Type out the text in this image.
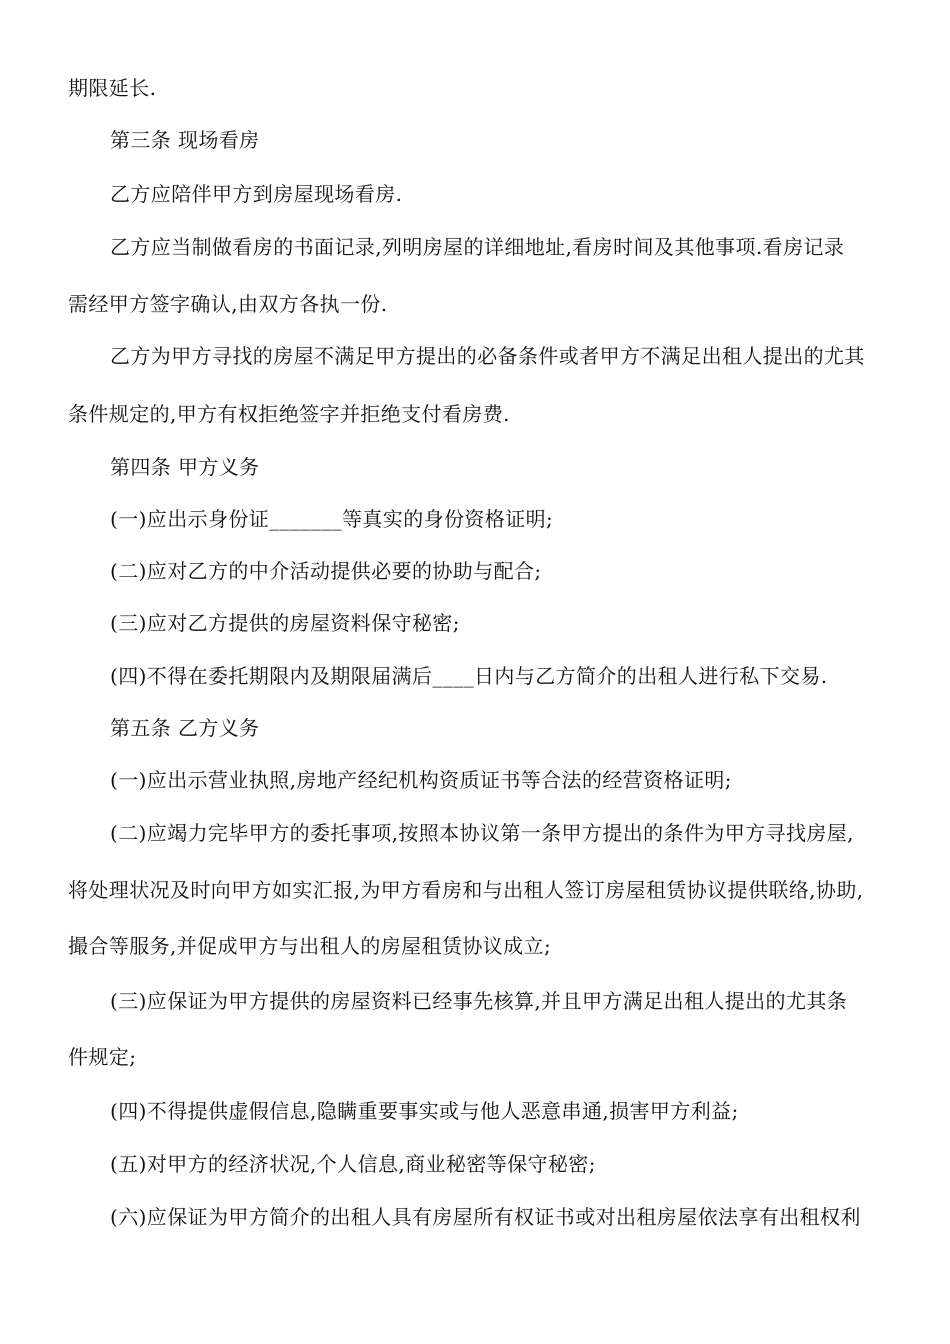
期限延长.
第三条 现场看房
乙方应陪伴甲方到房屋现场看房.
乙方应当制做看房的书面记录,列明房屋的详细地址,看房时间及其他事项.看房记录
需经甲方签字确认,由双方各执一份.
乙方为甲方寻找的房屋不满足甲方提出的必备条件或者甲方不满足出租人提出的尤其
条件规定的,甲方有权拒绝签字并拒绝支付看房费.
第四条 甲方义务
(一)应出示身份证_______等真实的身份资格证明;
(二)应对乙方的中介活动提供必要的协助与配合;
(三)应对乙方提供的房屋资料保守秘密;
(四)不得在委托期限内及期限届满后____日内与乙方简介的出租人进行私下交易.
第五条 乙方义务
(一)应出示营业执照,房地产经纪机构资质证书等合法的经营资格证明;
(二)应竭力完毕甲方的委托事项,按照本协议第一条甲方提出的条件为甲方寻找房屋,
将处理状况及时向甲方如实汇报,为甲方看房和与出租人签订房屋租赁协议提供联络,协助,
撮合等服务,并促成甲方与出租人的房屋租赁协议成立;
(三)应保证为甲方提供的房屋资料已经事先核算,并且甲方满足出租人提出的尤其条
件规定;
(四)不得提供虚假信息,隐瞒重要事实或与他人恶意串通,损害甲方利益;
(五)对甲方的经济状况,个人信息,商业秘密等保守秘密;
(六)应保证为甲方简介的出租人具有房屋所有权证书或对出租房屋依法享有出租权利
